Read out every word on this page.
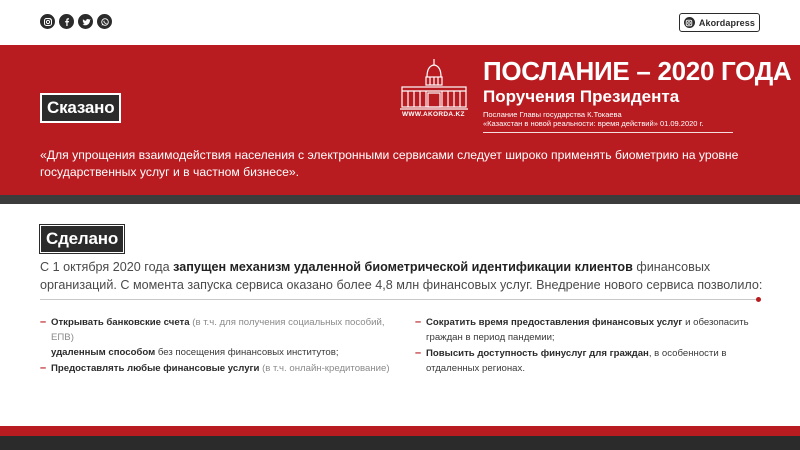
Akordapress
WWW.AKORDA.KZ
ПОСЛАНИЕ – 2020 ГОДА
Поручения Президента
Послание Главы государства К.Токаева
«Казахстан в новой реальности: время действий» 01.09.2020 г.
Сказано
«Для упрощения взаимодействия населения с электронными сервисами следует широко применять биометрию на уровне государственных услуг и в частном бизнесе».
Сделано
С 1 октября 2020 года запущен механизм удаленной биометрической идентификации клиентов финансовых организаций. С момента запуска сервиса оказано более 4,8 млн финансовых услуг. Внедрение нового сервиса позволило:
– Открывать банковские счета (в т.ч. для получения социальных пособий, ЕПВ)
удаленным способом без посещения финансовых институтов;
– Предоставлять любые финансовые услуги (в т.ч. онлайн-кредитование)
– Сократить время предоставления финансовых услуг и обезопасить граждан в период пандемии;
– Повысить доступность финуслуг для граждан, в особенности в отдаленных регионах.
